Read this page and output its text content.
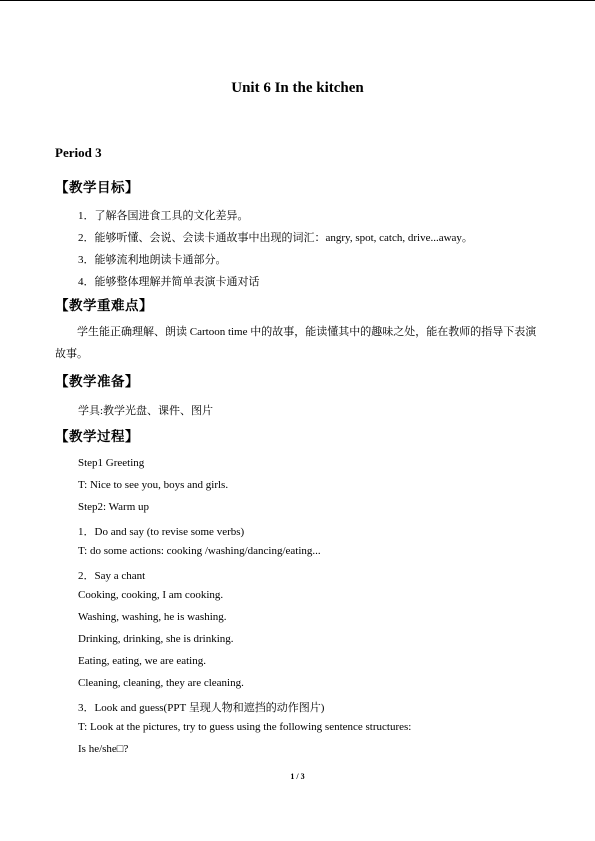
Unit 6 In the kitchen
Period 3
【教学目标】
1．了解各国进食工具的文化差异。
2．能够听懂、会说、会读卡通故事中出现的词汇：angry, spot, catch, drive...away。
3．能够流利地朗读卡通部分。
4．能够整体理解并简单表演卡通对话
【教学重难点】
学生能正确理解、朗读 Cartoon time 中的故事，能读懂其中的趣味之处，能在教师的指导下表演故事。
【教学准备】
学具:教学光盘、课件、图片
【教学过程】
Step1 Greeting
T: Nice to see you, boys and girls.
Step2: Warm up
1．Do and say (to revise some verbs)
T: do some actions: cooking /washing/dancing/eating...
2．Say a chant
Cooking, cooking, I am cooking.
Washing, washing, he is washing.
Drinking, drinking, she is drinking.
Eating, eating, we are eating.
Cleaning, cleaning, they are cleaning.
3．Look and guess(PPT 呈现人物和遮挡的动作图片)
T: Look at the pictures, try to guess using the following sentence structures:
Is he/she□?
1 / 3
